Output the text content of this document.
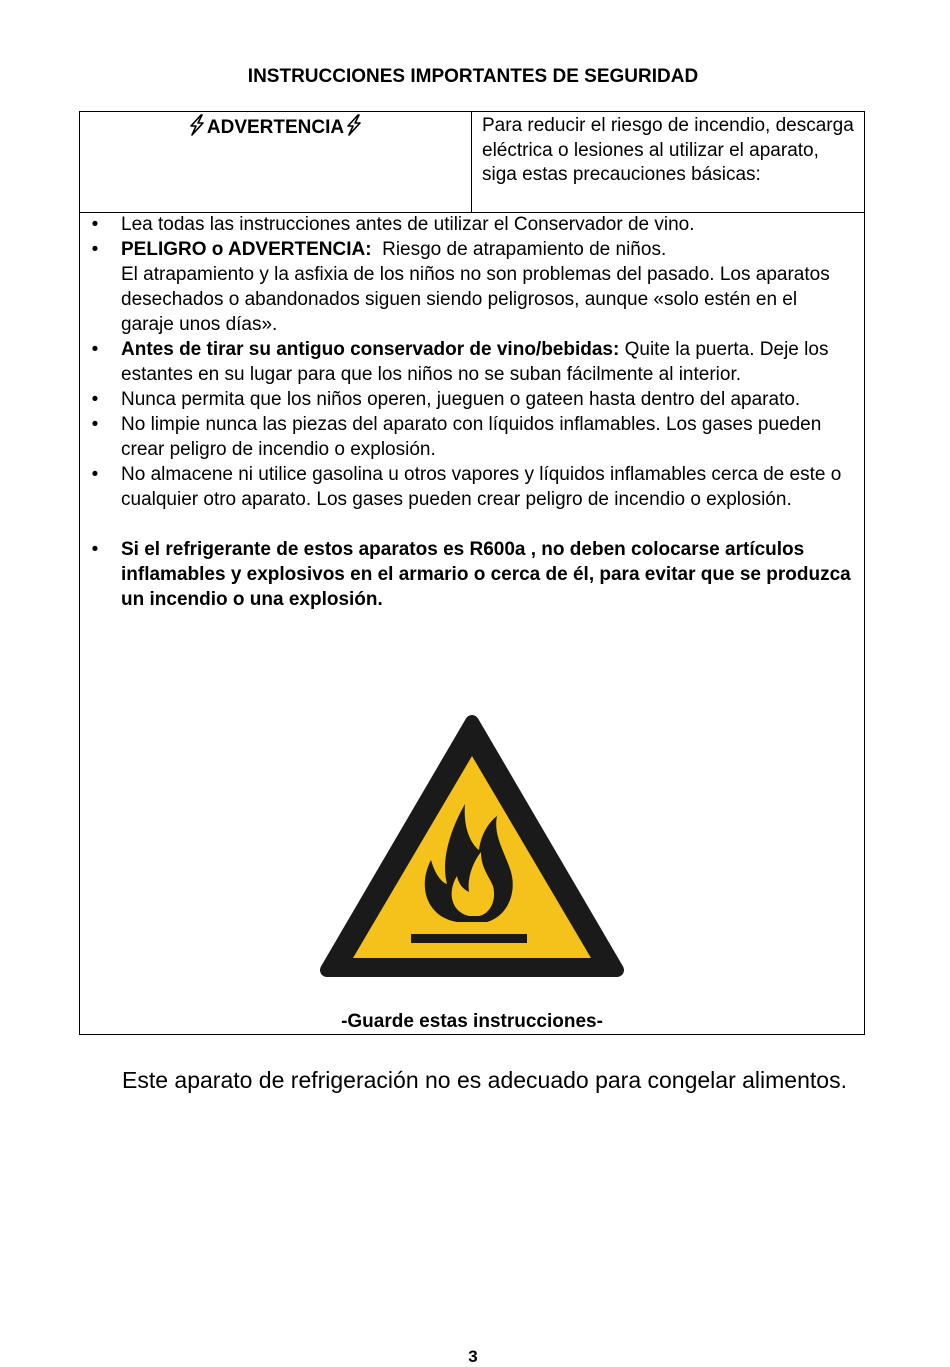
INSTRUCCIONES IMPORTANTES DE SEGURIDAD
ADVERTENCIA	Para reducir el riesgo de incendio, descarga eléctrica o lesiones al utilizar el aparato, siga estas precauciones básicas:
• Lea todas las instrucciones antes de utilizar el Conservador de vino.
• PELIGRO o ADVERTENCIA: Riesgo de atrapamiento de niños.
El atrapamiento y la asfixia de los niños no son problemas del pasado. Los aparatos desechados o abandonados siguen siendo peligrosos, aunque «solo estén en el garaje unos días».
• Antes de tirar su antiguo conservador de vino/bebidas: Quite la puerta. Deje los estantes en su lugar para que los niños no se suban fácilmente al interior.
• Nunca permita que los niños operen, jueguen o gateen hasta dentro del aparato.
• No limpie nunca las piezas del aparato con líquidos inflamables. Los gases pueden crear peligro de incendio o explosión.
• No almacene ni utilice gasolina u otros vapores y líquidos inflamables cerca de este o cualquier otro aparato. Los gases pueden crear peligro de incendio o explosión.
• Si el refrigerante de estos aparatos es R600a , no deben colocarse artículos inflamables y explosivos en el armario o cerca de él, para evitar que se produzca un incendio o una explosión.
-Guarde estas instrucciones-
Este aparato de refrigeración no es adecuado para congelar alimentos.
3
